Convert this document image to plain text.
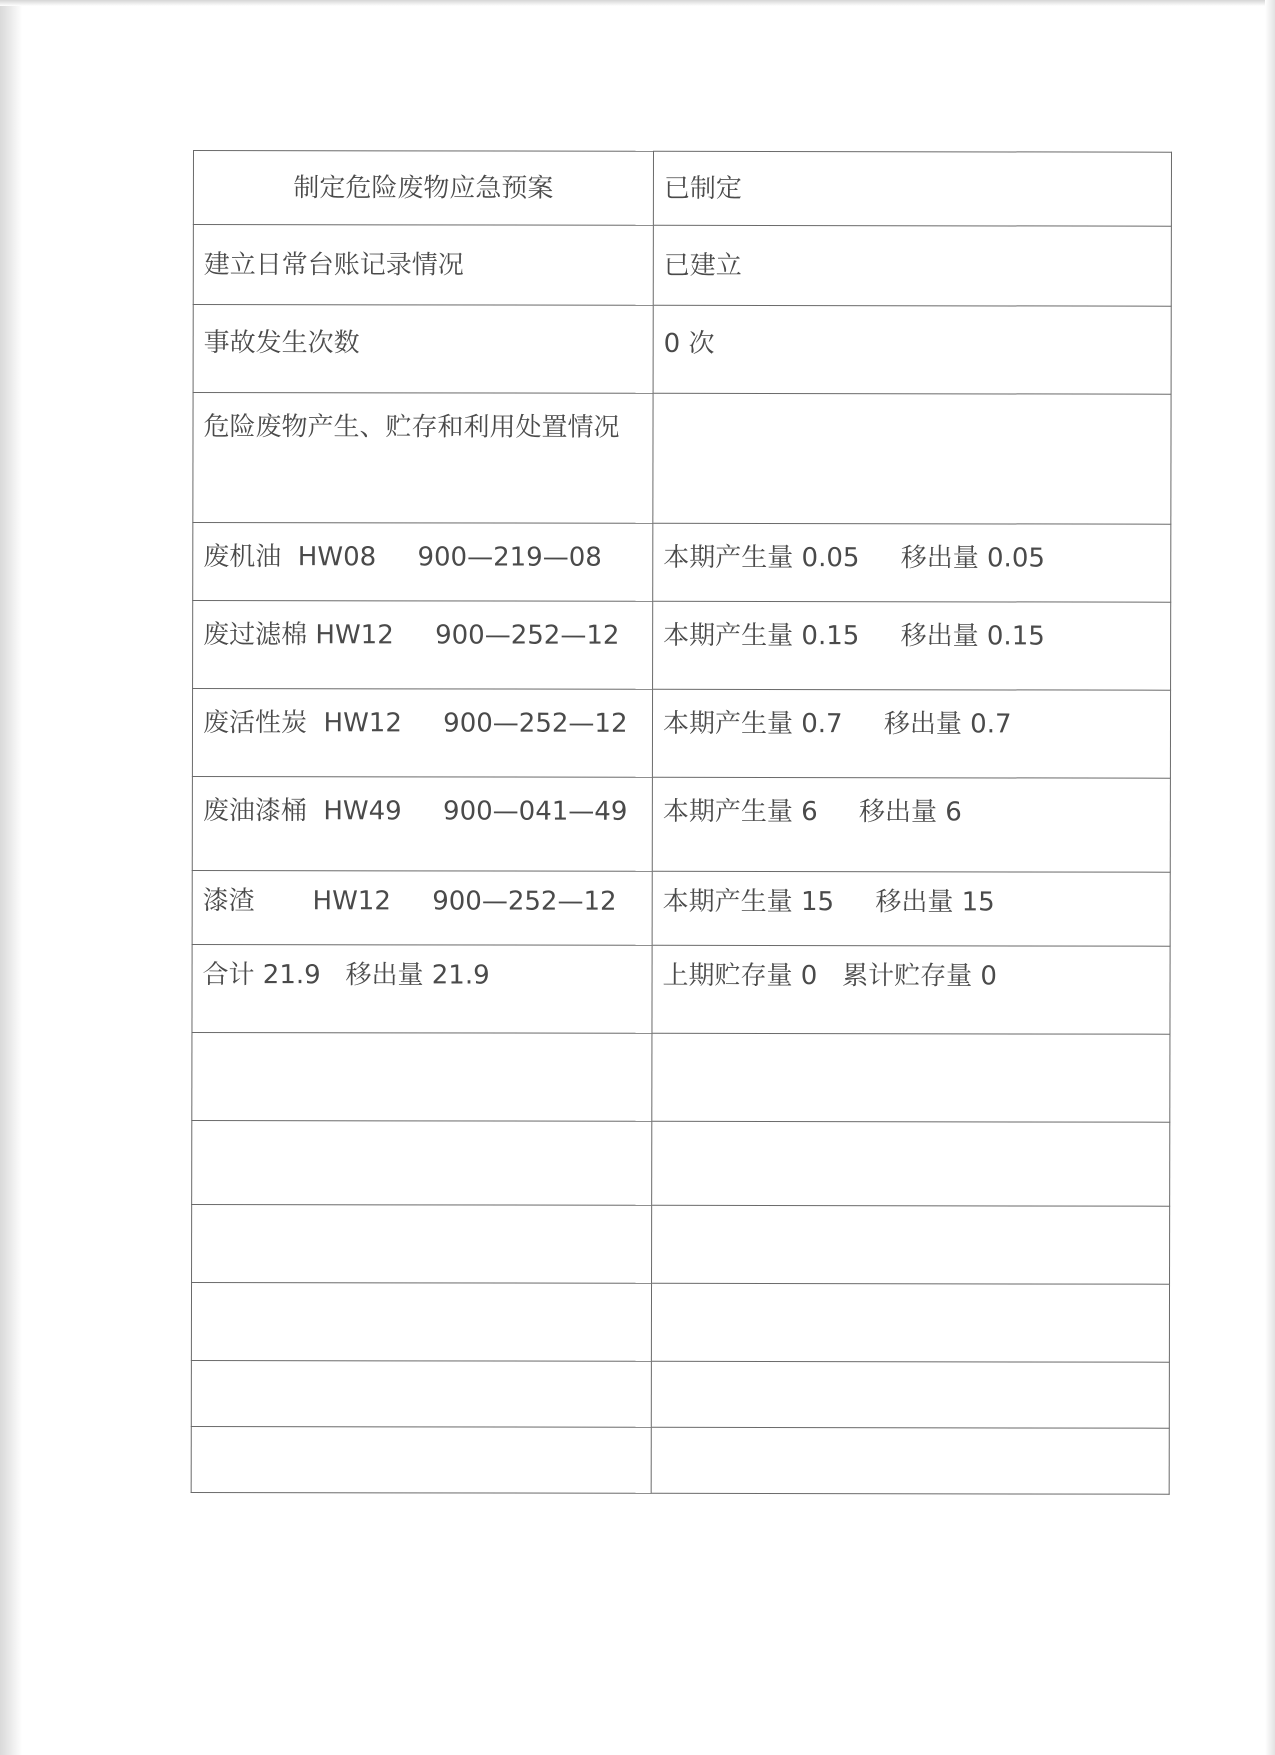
制定危险废物应急预案	已制定
建立日常台账记录情况	已建立
事故发生次数	0 次
危险废物产生、贮存和利用处置情况	
废机油  HW08     900—219—08	本期产生量 0.05     移出量 0.05
废过滤棉 HW12     900—252—12	本期产生量 0.15     移出量 0.15
废活性炭  HW12     900—252—12	本期产生量 0.7     移出量 0.7
废油漆桶  HW49     900—041—49	本期产生量 6     移出量 6
漆渣       HW12     900—252—12	本期产生量 15     移出量 15
合计 21.9   移出量 21.9	上期贮存量 0   累计贮存量 0
